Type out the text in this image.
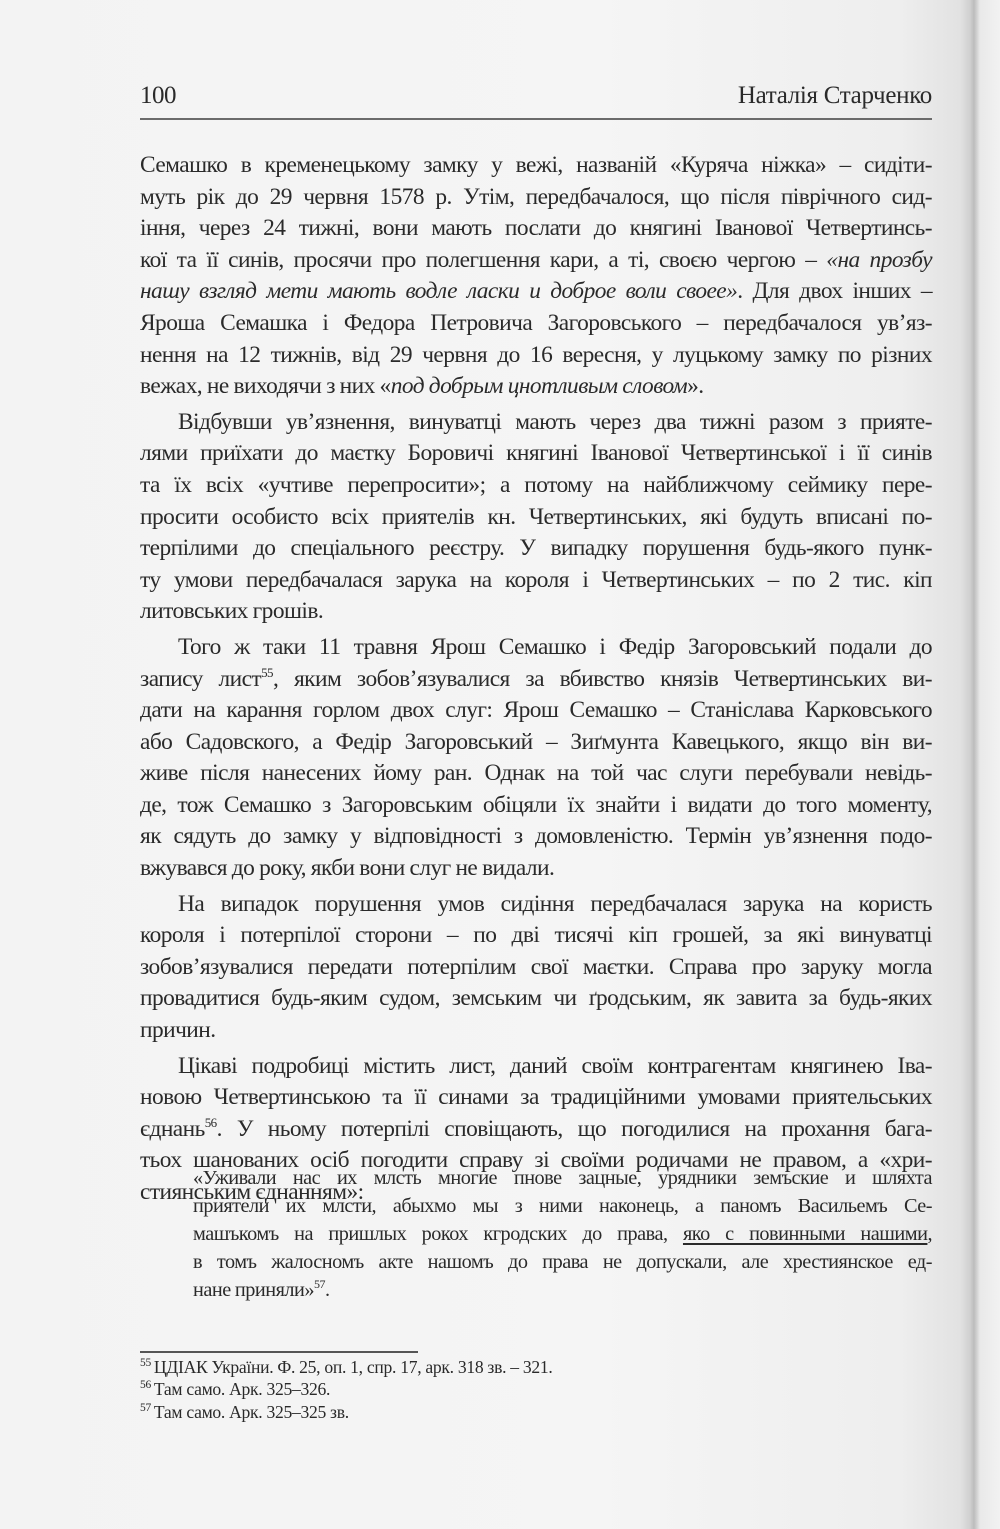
100	Наталія Старченко
Семашко в кременецькому замку у вежі, названій «Куряча ніжка» – сидіти-
муть рік до 29 червня 1578 р. Утім, передбачалося, що після піврічного сид-
іння, через 24 тижні, вони мають послати до княгині Іванової Четвертинсь-
кої та її синів, просячи про полегшення кари, а ті, своєю чергою – «на прозбу
нашу взгляд мети мають водле ласки и доброе воли своее». Для двох інших –
Яроша Семашка і Федора Петровича Загоровського – передбачалося ув’яз-
нення на 12 тижнів, від 29 червня до 16 вересня, у луцькому замку по різних
вежах, не виходячи з них «под добрым цнотливым словом».
Відбувши ув’язнення, винуватці мають через два тижні разом з прияте-
лями приїхати до маєтку Боровичі княгині Іванової Четвертинської і її синів
та їх всіх «учтиве перепросити»; а потому на найближчому сеймику пере-
просити особисто всіх приятелів кн. Четвертинських, які будуть вписані по-
терпілими до спеціального реєстру. У випадку порушення будь-якого пунк-
ту умови передбачалася зарука на короля і Четвертинських – по 2 тис. кіп
литовських грошів.
Того ж таки 11 травня Ярош Семашко і Федір Загоровський подали до
запису лист$^{55}$, яким зобов’язувалися за вбивство князів Четвертинських ви-
дати на карання горлом двох слуг: Ярош Семашко – Станіслава Карковського
або Садовского, а Федір Загоровський – Зиґмунта Кавецького, якщо він ви-
живе після нанесених йому ран. Однак на той час слуги перебували невідь-
де, тож Семашко з Загоровським обіцяли їх знайти і видати до того моменту,
як сядуть до замку у відповідності з домовленістю. Термін ув’язнення подо-
вжувався до року, якби вони слуг не видали.
На випадок порушення умов сидіння передбачалася зарука на користь
короля і потерпілої сторони – по дві тисячі кіп грошей, за які винуватці
зобов’язувалися передати потерпілим свої маєтки. Справа про заруку могла
провадитися будь-яким судом, земським чи ґродським, як завита за будь-яких
причин.
Цікаві подробиці містить лист, даний своїм контрагентам княгинею Іва-
новою Четвертинською та її синами за традиційними умовами приятельських
єднань$^{56}$. У ньому потерпілі сповіщають, що погодилися на прохання бага-
тьох шанованих осіб погодити справу зі своїми родичами не правом, а «хри-
стиянським єднанням»:
«Уживали нас их млсть многие пнове зацные, урядники земъские и шляхта
приятели их млсти, абыхмо мы з ними наконець, а паномъ Васильемъ Се-
машъкомъ на пришлых рокох кгродских до права, яко с повинными нашими,
в томъ жалосномъ акте нашомъ до права не допускали, але хрестиянское ед-
нане приняли»$^{57}$.
$^{55}$ ЦДІАК України. Ф. 25, оп. 1, спр. 17, арк. 318 зв. – 321.
$^{56}$ Там само. Арк. 325–326.
$^{57}$ Там само. Арк. 325–325 зв.
